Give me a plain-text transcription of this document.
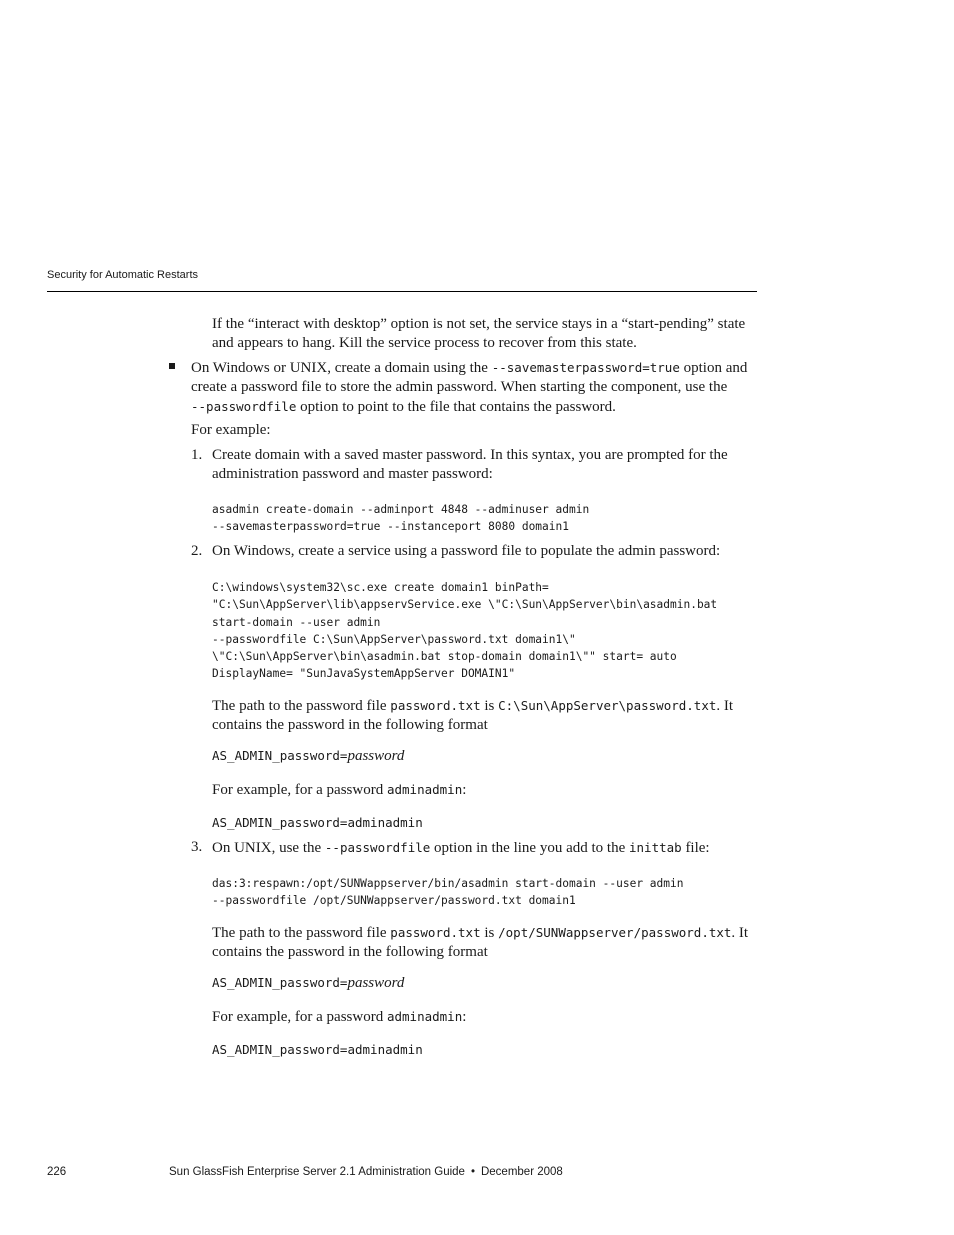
Security for Automatic Restarts

If the “interact with desktop” option is not set, the service stays in a “start-pending” state

and appears to hang. Kill the service process to recover from this state.

On Windows or UNIX, create a domain using the --savemasterpassword=true option and

create a password file to store the admin password. When starting the component, use the

--passwordfile option to point to the file that contains the password.

For example:

1. Create domain with a saved master password. In this syntax, you are prompted for the

administration password and master password:

asadmin create-domain --adminport 4848 --adminuser admin
--savemasterpassword=true --instanceport 8080 domain1
2. On Windows, create a service using a password file to populate the admin password:

C:\windows\system32\sc.exe create domain1 binPath=
"C:\Sun\AppServer\lib\appservService.exe \"C:\Sun\AppServer\bin\asadmin.bat
start-domain --user admin
--passwordfile C:\Sun\AppServer\password.txt domain1\"
\"C:\Sun\AppServer\bin\asadmin.bat stop-domain domain1\"" start= auto
DisplayName= "SunJavaSystemAppServer DOMAIN1"

The path to the password file password.txt is C:\Sun\AppServer\password.txt. It

contains the password in the following format

AS_ADMIN_password=password

For example, for a password adminadmin:

AS_ADMIN_password=adminadmin
3. On UNIX, use the --passwordfile option in the line you add to the inittab file:

das:3:respawn:/opt/SUNWappserver/bin/asadmin start-domain --user admin
--passwordfile /opt/SUNWappserver/password.txt domain1

The path to the password file password.txt is /opt/SUNWappserver/password.txt. It

contains the password in the following format

AS_ADMIN_password=password

For example, for a password adminadmin:

AS_ADMIN_password=adminadmin
226	Sun GlassFish Enterprise Server 2.1 Administration Guide • December 2008
